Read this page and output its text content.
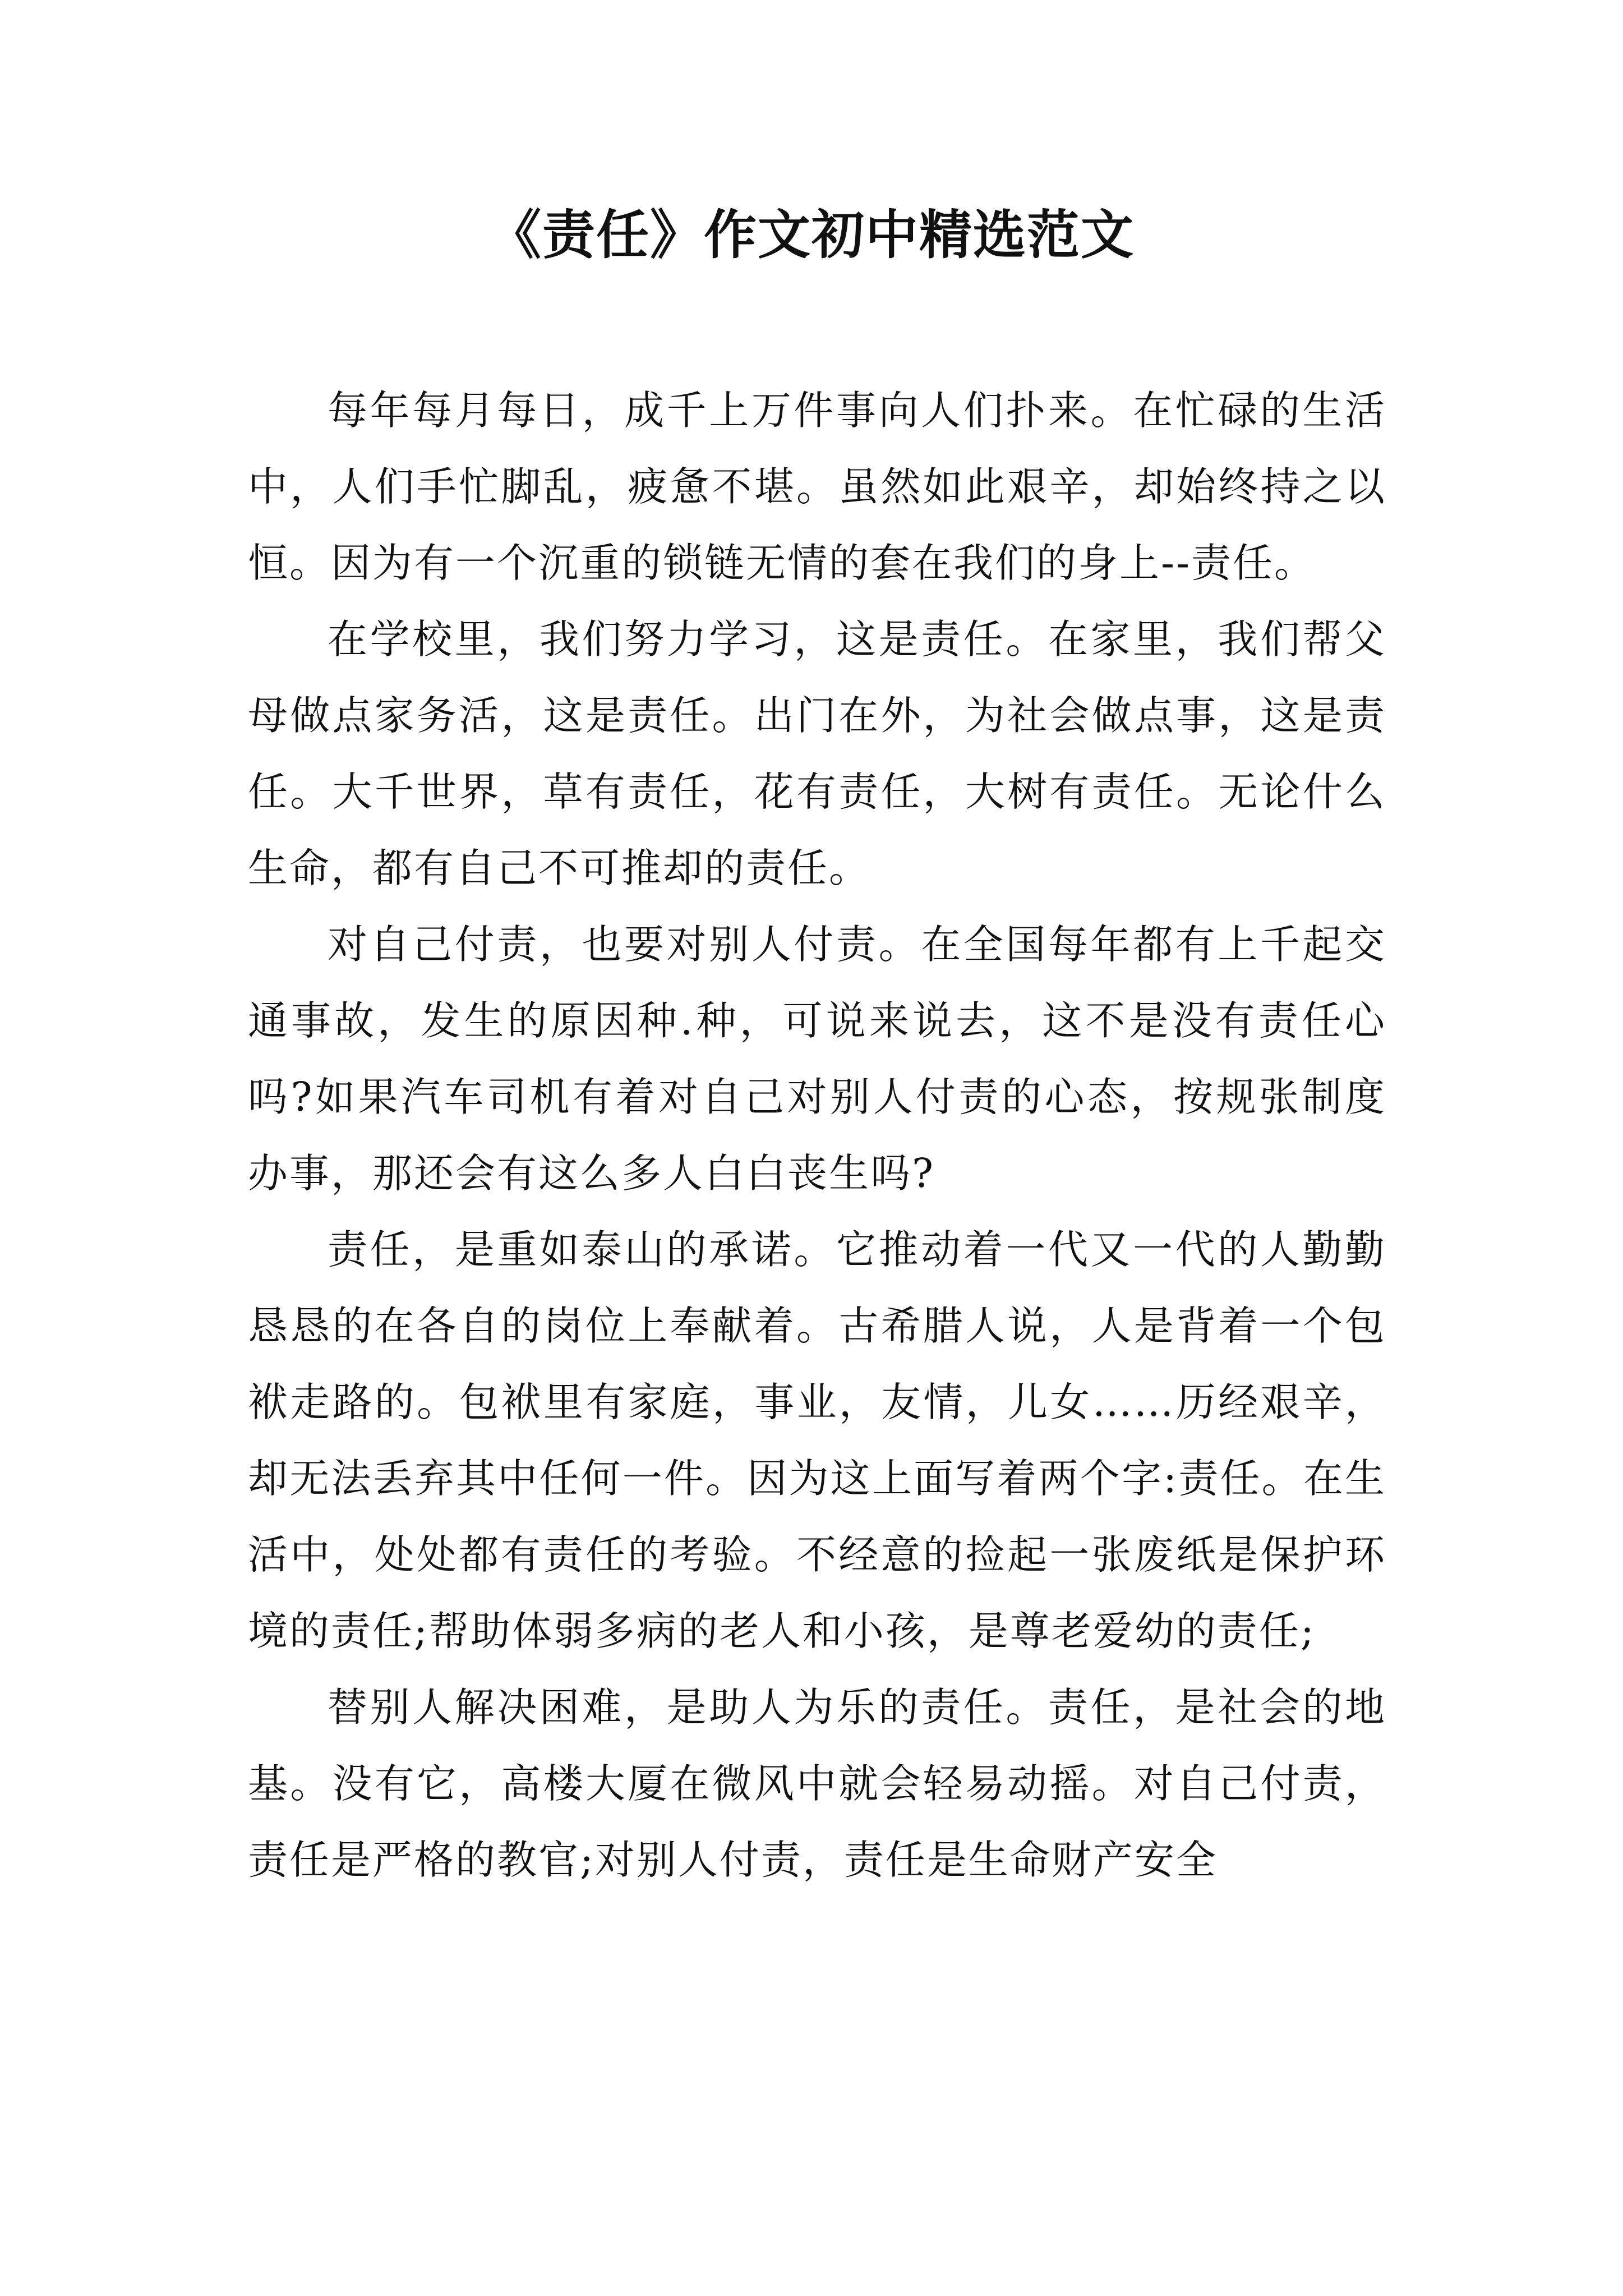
《责任》作文初中精选范文

每年每月每日，成千上万件事向人们扑来。在忙碌的生活中，人们手忙脚乱，疲惫不堪。虽然如此艰辛，却始终持之以恒。因为有一个沉重的锁链无情的套在我们的身上--责任。

在学校里，我们努力学习，这是责任。在家里，我们帮父母做点家务活，这是责任。出门在外，为社会做点事，这是责任。大千世界，草有责任，花有责任，大树有责任。无论什么生命，都有自己不可推却的责任。

对自己付责，也要对别人付责。在全国每年都有上千起交通事故，发生的原因种.种，可说来说去，这不是没有责任心吗?如果汽车司机有着对自己对别人付责的心态，按规张制度办事，那还会有这么多人白白丧生吗?

责任，是重如泰山的承诺。它推动着一代又一代的人勤勤恳恳的在各自的岗位上奉献着。古希腊人说，人是背着一个包袱走路的。包袱里有家庭，事业，友情，儿女……历经艰辛，却无法丢弃其中任何一件。因为这上面写着两个字:责任。在生活中，处处都有责任的考验。不经意的捡起一张废纸是保护环境的责任;帮助体弱多病的老人和小孩，是尊老爱幼的责任;

替别人解决困难，是助人为乐的责任。责任，是社会的地基。没有它，高楼大厦在微风中就会轻易动摇。对自己付责，责任是严格的教官;对别人付责，责任是生命财产安全
